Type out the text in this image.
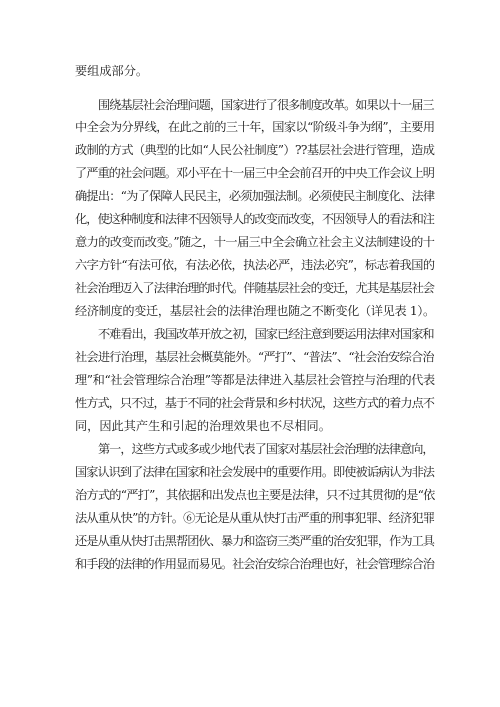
要组成部分。
围绕基层社会治理问题，国家进行了很多制度改革。如果以十一届三
中全会为分界线，在此之前的三十年，国家以“阶级斗争为纲”，主要用
政制的方式（典型的比如“人民公社制度”）??基层社会进行管理，造成
了严重的社会问题。邓小平在十一届三中全会前召开的中央工作会议上明
确提出：“为了保障人民民主，必须加强法制。必须使民主制度化、法律
化，使这种制度和法律不因领导人的改变而改变，不因领导人的看法和注
意力的改变而改变。”随之，十一届三中全会确立社会主义法制建设的十
六字方针“有法可依，有法必依，执法必严，违法必究”，标志着我国的
社会治理迈入了法律治理的时代。伴随基层社会的变迁，尤其是基层社会
经济制度的变迁，基层社会的法律治理也随之不断变化（详见表 1）。
不难看出，我国改革开放之初，国家已经注意到要运用法律对国家和
社会进行治理，基层社会概莫能外。“严打”、“普法”、“社会治安综合治
理”和“社会管理综合治理”等都是法律进入基层社会管控与治理的代表
性方式，只不过，基于不同的社会背景和乡村状况，这些方式的着力点不
同，因此其产生和引起的治理效果也不尽相同。
第一，这些方式或多或少地代表了国家对基层社会治理的法律意向，
国家认识到了法律在国家和社会发展中的重要作用。即使被诟病认为非法
治方式的“严打”，其依据和出发点也主要是法律，只不过其贯彻的是“依
法从重从快”的方针。⑥无论是从重从快打击严重的刑事犯罪、经济犯罪
还是从重从快打击黑帮团伙、暴力和盗窃三类严重的治安犯罪，作为工具
和手段的法律的作用显而易见。社会治安综合治理也好，社会管理综合治
